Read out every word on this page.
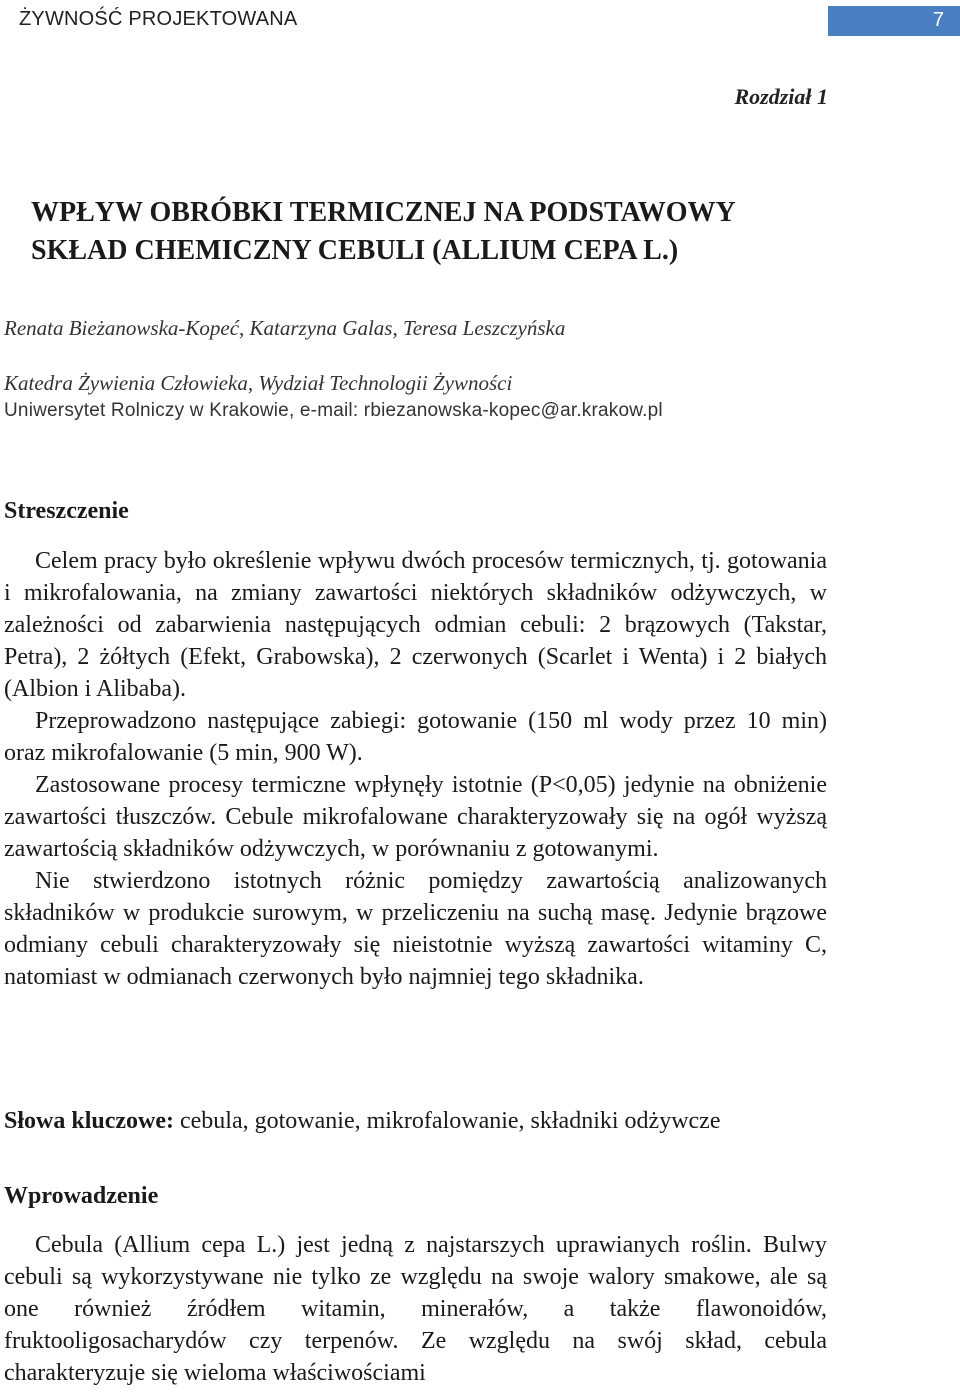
ŻYWNOŚĆ PROJEKTOWANA	7
Rozdział 1
WPŁYW OBRÓBKI TERMICZNEJ NA PODSTAWOWY
SKŁAD CHEMICZNY CEBULI (ALLIUM CEPA L.)

Renata Bieżanowska-Kopeć, Katarzyna Galas, Teresa Leszczyńska

Katedra Żywienia Człowieka, Wydział Technologii Żywności
Uniwersytet Rolniczy w Krakowie, e-mail: rbiezanowska-kopec@ar.krakow.pl

Streszczenie

Celem pracy było określenie wpływu dwóch procesów termicznych, tj. gotowania i mikrofalowania, na zmiany zawartości niektórych składników odżywczych, w zależności od zabarwienia następujących odmian cebuli: 2 brązowych (Takstar, Petra), 2 żółtych (Efekt, Grabowska), 2 czerwonych (Scarlet i Wenta) i 2 białych (Albion i Alibaba).

Przeprowadzono następujące zabiegi: gotowanie (150 ml wody przez 10 min) oraz mikrofalowanie (5 min, 900 W).

Zastosowane procesy termiczne wpłynęły istotnie (P<0,05) jedynie na obniżenie zawartości tłuszczów. Cebule mikrofalowane charakteryzowały się na ogół wyższą zawartością składników odżywczych, w porównaniu z gotowanymi.

Nie stwierdzono istotnych różnic pomiędzy zawartością analizowanych składników w produkcie surowym, w przeliczeniu na suchą masę. Jedynie brązowe odmiany cebuli charakteryzowały się nieistotnie wyższą zawartości witaminy C, natomiast w odmianach czerwonych było najmniej tego składnika.

Słowa kluczowe: cebula, gotowanie, mikrofalowanie, składniki odżywcze

Wprowadzenie

Cebula (Allium cepa L.) jest jedną z najstarszych uprawianych roślin. Bulwy cebuli są wykorzystywane nie tylko ze względu na swoje walory smakowe, ale są one również źródłem witamin, minerałów, a także flawonoidów, fruktooligosacharydów czy terpenów. Ze względu na swój skład, cebula charakteryzuje się wieloma właściwościami
